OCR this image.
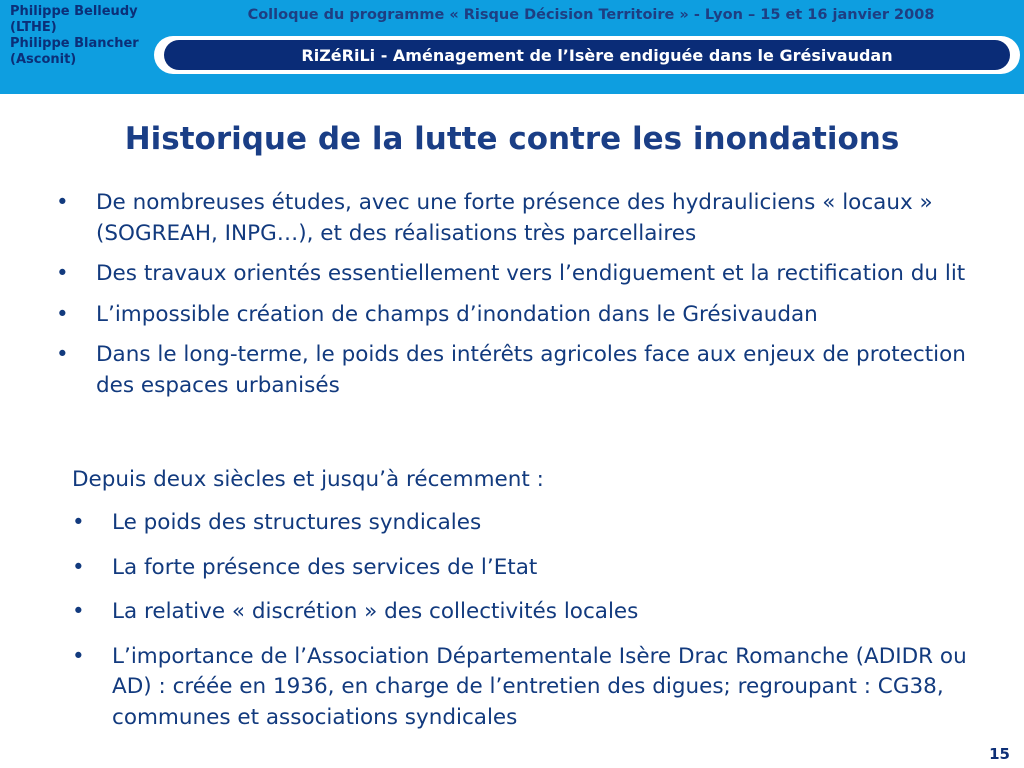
Philippe Belleudy
(LTHE)
Philippe Blancher
(Asconit)
Colloque du programme « Risque Décision Territoire » - Lyon – 15 et 16 janvier 2008
RiZéRiLi - Aménagement de l’Isère endiguée dans le Grésivaudan
Historique de la lutte contre les inondations
•	De nombreuses études, avec une forte présence des hydrauliciens « locaux » (SOGREAH, INPG…), et des réalisations très parcellaires
•	Des travaux orientés essentiellement vers l’endiguement et la rectification du lit
•	L’impossible création de champs d’inondation dans le Grésivaudan
•	Dans le long-terme, le poids des intérêts agricoles face aux enjeux de protection des espaces urbanisés
Depuis deux siècles et jusqu’à récemment :
•	Le poids des structures syndicales
•	La forte présence des services de l’Etat
•	La relative « discrétion » des collectivités locales
•	L’importance de l’Association Départementale Isère Drac Romanche (ADIDR ou AD) : créée en 1936, en charge de l’entretien des digues; regroupant : CG38, communes et associations syndicales
15
